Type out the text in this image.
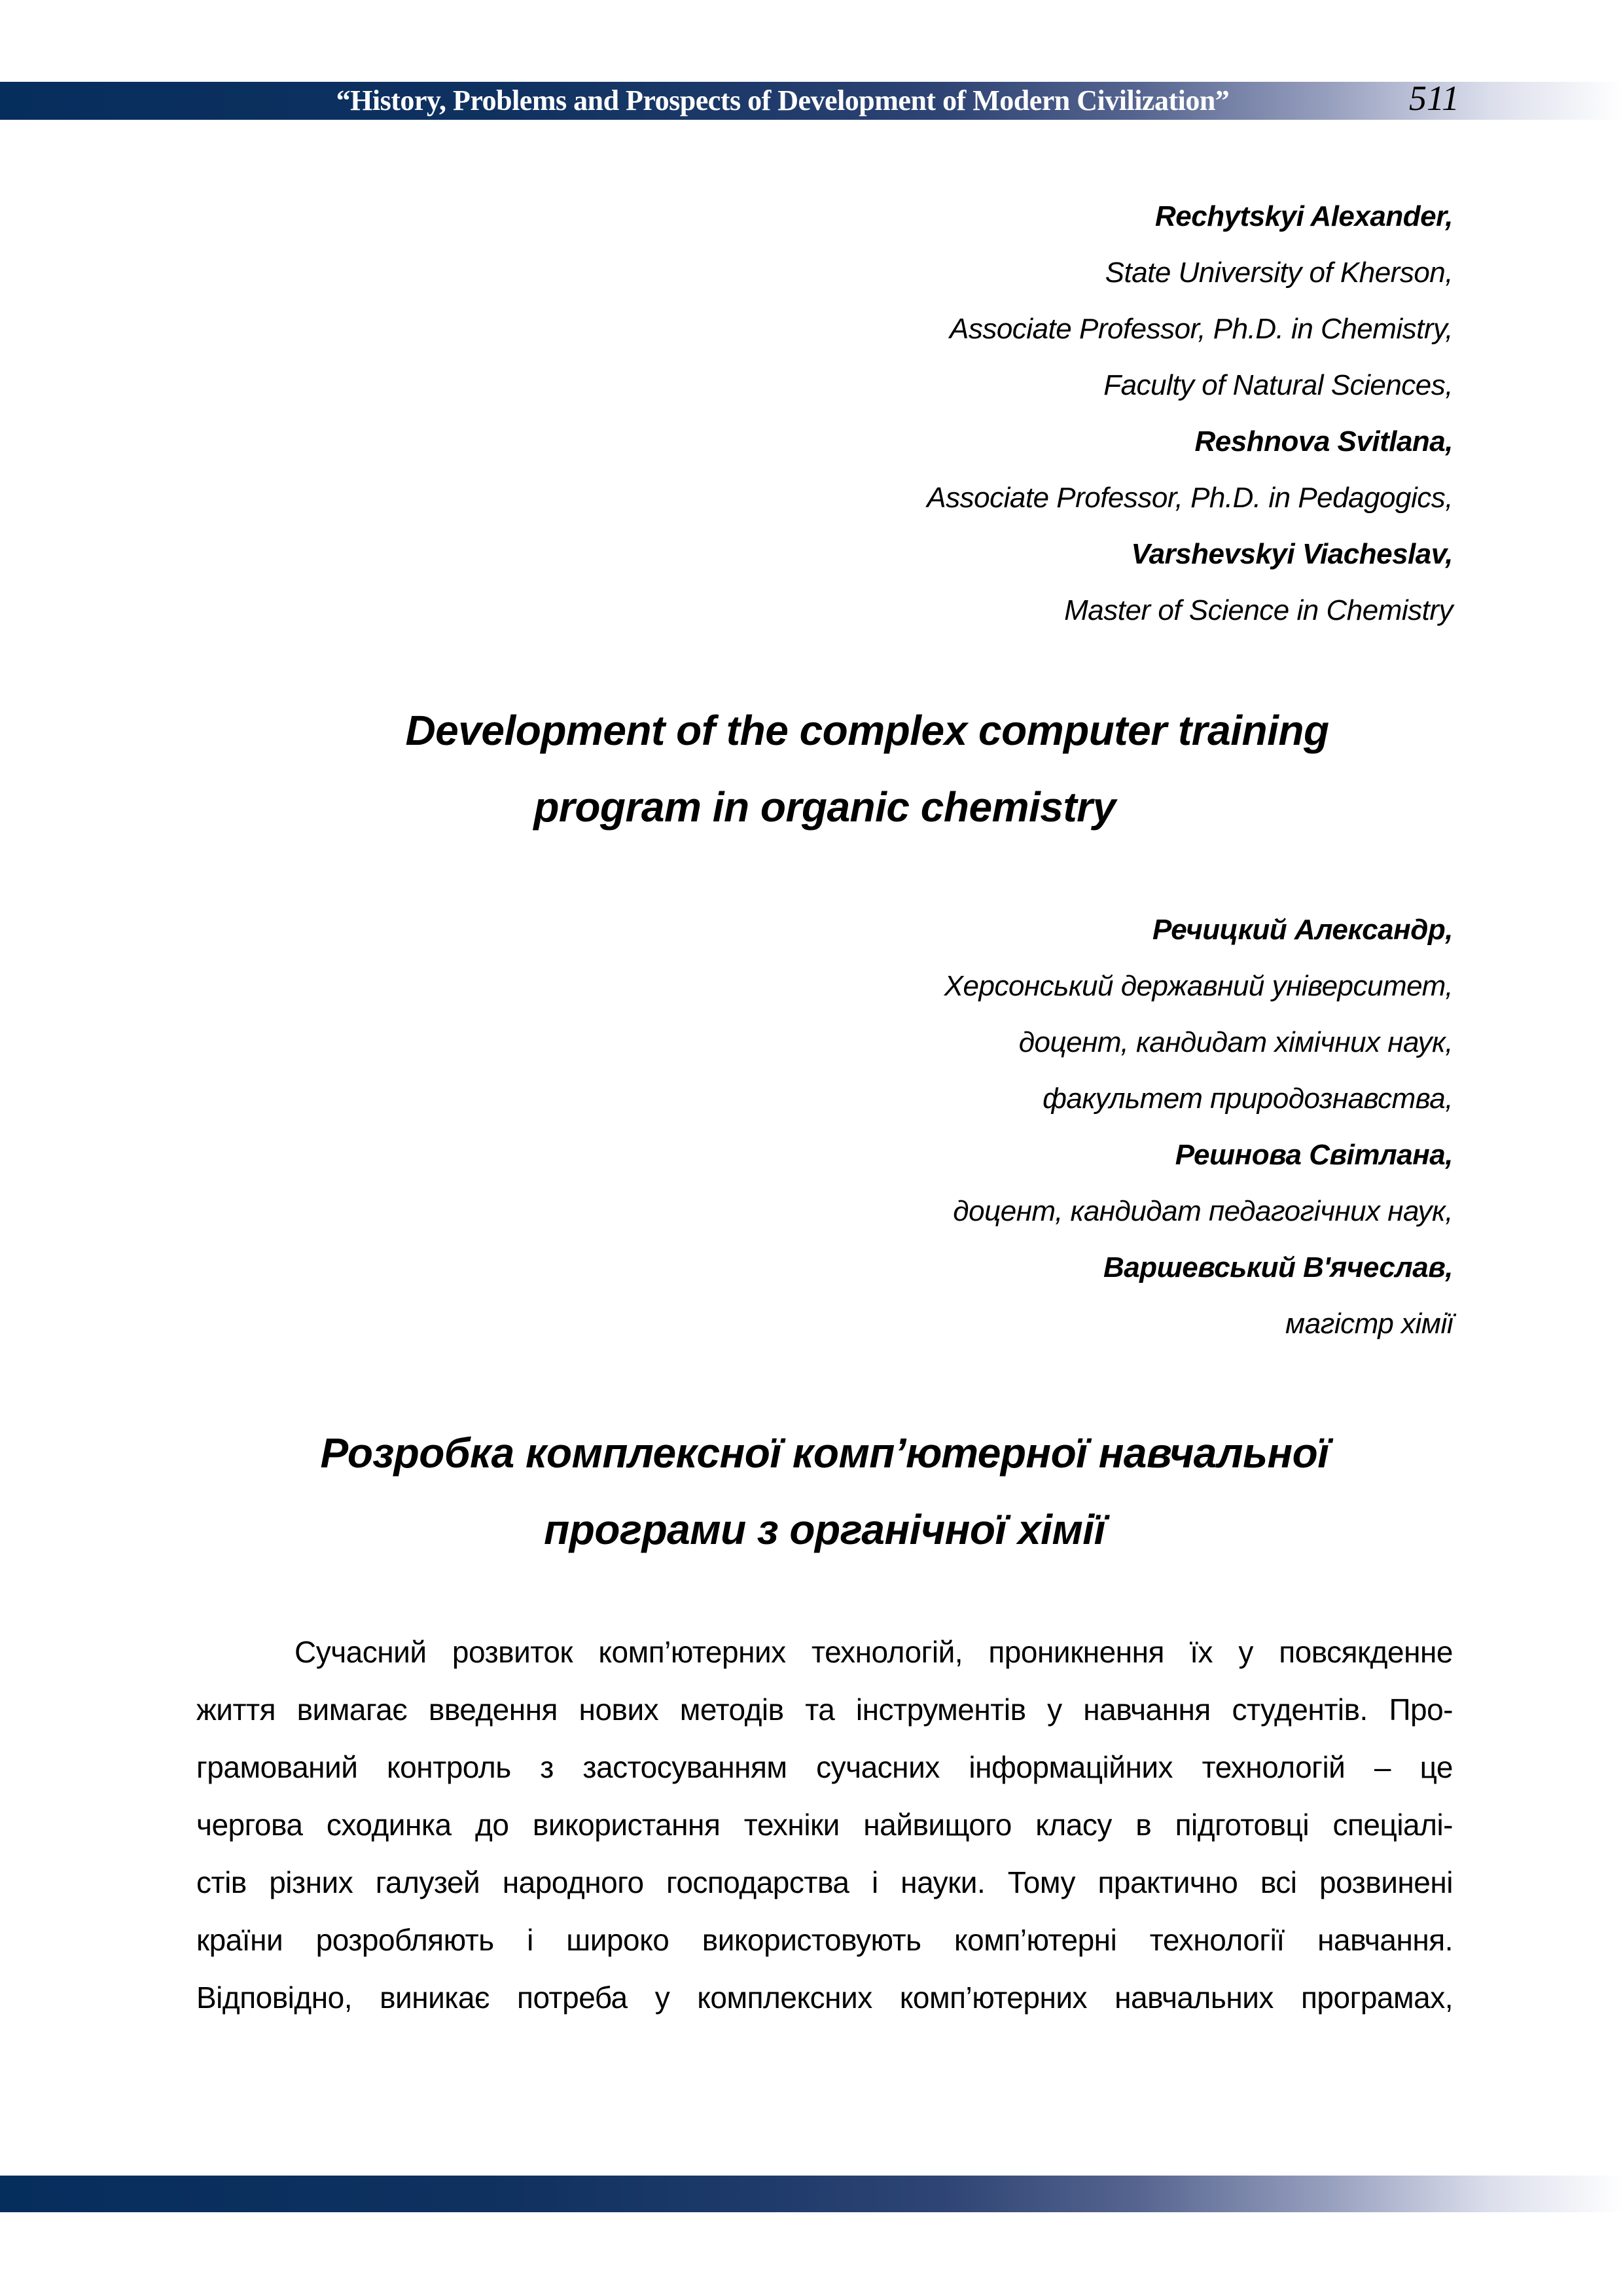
“History, Problems and Prospects of Development of Modern Civilization”	511
Rechytskyi Alexander,
State University of Kherson,
Associate Professor, Ph.D. in Chemistry,
Faculty of Natural Sciences,
Reshnova Svitlana,
Associate Professor, Ph.D. in Pedagogics,
Varshevskyi Viacheslav,
Master of Science in Chemistry
Development of the complex computer training
program in organic chemistry
Речицкий Александр,
Херсонський державний університет,
доцент, кандидат хімічних наук,
факультет природознавства,
Решнова Світлана,
доцент, кандидат педагогічних наук,
Варшевський В'ячеслав,
магістр хімії
Розробка комплексної комп’ютерної навчальної
програми з органічної хімії
Сучасний розвиток комп’ютерних технологій, проникнення їх у повсякденне
життя вимагає введення нових методів та інструментів у навчання студентів. Про-
грамований контроль з застосуванням сучасних інформаційних технологій – це
чергова сходинка до використання техніки найвищого класу в підготовці спеціалі-
стів різних галузей народного господарства і науки. Тому практично всі розвинені
країни розробляють і широко використовують комп’ютерні технології навчання.
Відповідно, виникає потреба у комплексних комп’ютерних навчальних програмах,
